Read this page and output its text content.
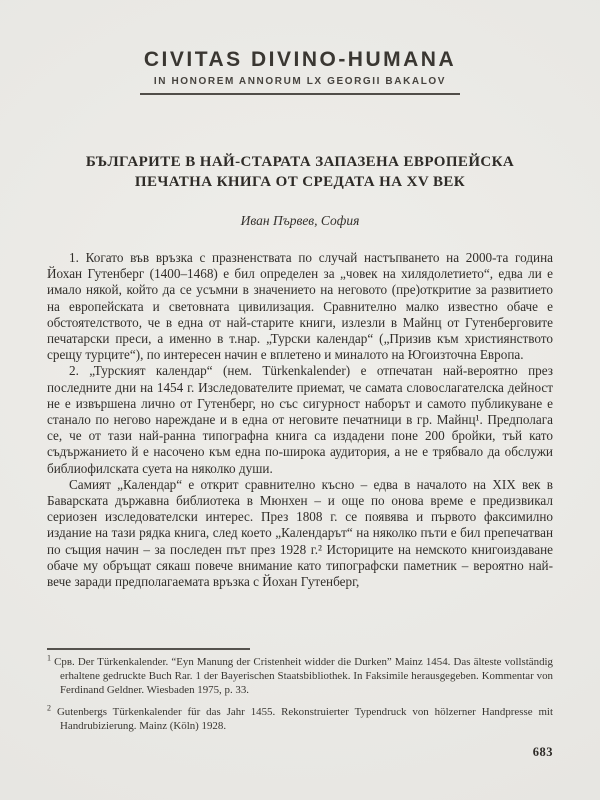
CIVITAS DIVINO-HUMANA
IN HONOREM ANNORUM LX GEORGII BAKALOV
БЪЛГАРИТЕ В НАЙ-СТАРАТА ЗАПАЗЕНА ЕВРОПЕЙСКА
ПЕЧАТНА КНИГА ОТ СРЕДАТА НА XV ВЕК
Иван Първев, София

1. Когато във връзка с празненствата по случай настъпването на 2000-та година Йохан Гутенберг (1400–1468) е бил определен за „човек на хилядолетието“, едва ли е имало някой, който да се усъмни в значението на неговото (пре)откритие за развитието на европейската и световната цивилизация. Сравнително малко известно обаче е обстоятелството, че в една от най-старите книги, излезли в Майнц от Гутенберговите печатарски преси, а именно в т.нар. „Турски календар“ („Призив към християнството срещу турците“), по интересен начин е вплетено и миналото на Югоизточна Европа.

2. „Турският календар“ (нем. Türkenkalender) е отпечатан най-вероятно през последните дни на 1454 г. Изследователите приемат, че самата словослагателска дейност не е извършена лично от Гутенберг, но със сигурност наборът и самото публикуване е станало по негово нареждане и в една от неговите печатници в гр. Майнц¹. Предполага се, че от тази най-ранна типографна книга са издадени поне 200 бройки, тъй като съдържанието й е насочено към една по-широка аудитория, а не е трябвало да обслужи библиофилската суета на няколко души.

Самият „Календар“ е открит сравнително късно – едва в началото на XIX век в Баварската държавна библиотека в Мюнхен – и още по онова време е предизвикал сериозен изследователски интерес. През 1808 г. се появява и първото факсимилно издание на тази рядка книга, след което „Календарът“ на няколко пъти е бил препечатван по същия начин – за последен път през 1928 г.² Историците на немското книгоиздаване обаче му обръщат сякаш повече внимание като типографски паметник – вероятно най-вече заради предполагаемата връзка с Йохан Гутенберг,

$^1$ Срв. Der Türkenkalender. “Eyn Manung der Cristenheit widder die Durken” Mainz 1454. Das älteste vollständig erhaltene gedruckte Buch Rar. 1 der Bayerischen Staatsbibliothek. In Faksimile herausgegeben. Kommentar von Ferdinand Geldner. Wiesbaden 1975, p. 33.

$^2$ Gutenbergs Türkenkalender für das Jahr 1455. Rekonstruierter Typendruck von hölzerner Handpresse mit Handrubizierung. Mainz (Köln) 1928.

683
